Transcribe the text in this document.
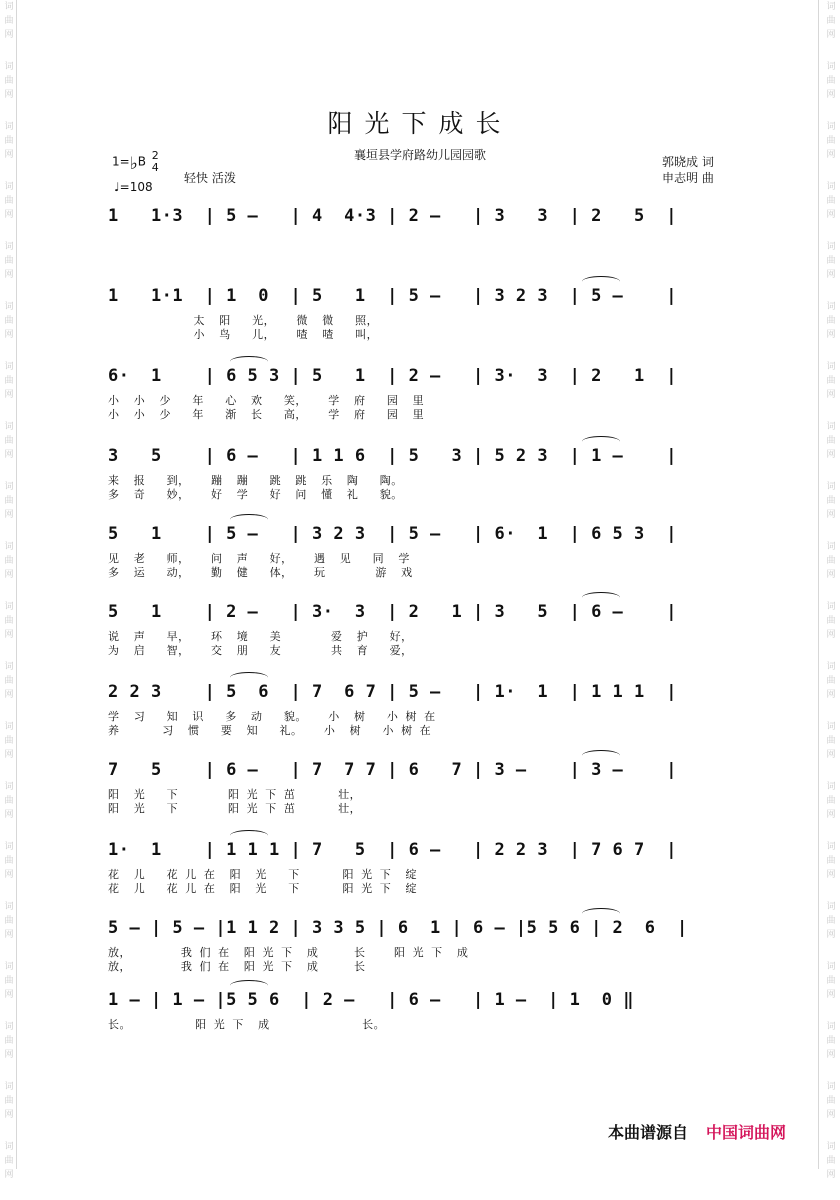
词
曲
网
词
曲
网
词
曲
网
词
曲
网
词
曲
网
词
曲
网
词
曲
网
词
曲
网
词
曲
网
词
曲
网
词
曲
网
词
曲
网
词
曲
网
词
曲
网
词
曲
网
词
曲
网
词
曲
网
词
曲
网
词
曲
网
词
曲
网
词
曲
网
词
曲
网
词
曲
网
词
曲
网
词
曲
网
词
曲
网
词
曲
网
词
曲
网
词
曲
网
词
曲
网
词
曲
网
词
曲
网
词
曲
网
词
曲
网
词
曲
网
词
曲
网
词
曲
网
词
曲
网
词
曲
网
词
曲
网
阳光下成长
襄垣县学府路幼儿园园歌
1=♭B 2
4
♩=108
轻快 活泼
郭晓成 词
申志明 曲
1   1·3  | 5 –   | 4  4·3 | 2 –   | 3   3  | 2   5  |
1   1·1  | 1  0  | 5   1  | 5 –   | 3 2 3  | 5 –    |
太  阳   光，   微  微   照，
小  鸟   儿，   喳  喳   叫，
6·  1    | 6 5 3 | 5   1  | 2 –   | 3·  3  | 2   1  |
小  小  少   年   心  欢   笑，   学  府   园  里
小  小  少   年   渐  长   高，   学  府   园  里
3   5    | 6 –   | 1 1 6  | 5   3 | 5 2 3  | 1 –    |
来  报   到，   蹦  蹦   跳  跳  乐  陶   陶。
多  奇   妙，   好  学   好  问  懂  礼   貌。
5   1    | 5 –   | 3 2 3  | 5 –   | 6·  1  | 6 5 3  |
见  老   师，   问  声   好，   遇  见   同  学
多  运   动，   勤  健   体，   玩       游  戏
5   1    | 2 –   | 3·  3  | 2   1 | 3   5  | 6 –    |
说  声   早，   环  境   美       爱  护   好，
为  启   智，   交  朋   友       共  育   爱，
2 2 3    | 5  6  | 7  6 7 | 5 –   | 1·  1  | 1 1 1  |
学  习   知  识   多  动   貌。   小  树   小 树 在
养      习  惯   要  知   礼。   小  树   小 树 在
7   5    | 6 –   | 7  7 7 | 6   7 | 3 –    | 3 –    |
阳  光   下       阳 光 下 茁      壮，
阳  光   下       阳 光 下 茁      壮，
1·  1    | 1 1 1 | 7   5  | 6 –   | 2 2 3  | 7 6 7  |
花  儿   花 儿 在  阳  光   下      阳 光 下  绽
花  儿   花 儿 在  阳  光   下      阳 光 下  绽
5 – | 5 – |1 1 2 | 3 3 5 | 6  1 | 6 – |5 5 6 | 2  6  |
放，       我 们 在  阳 光 下  成     长    阳 光 下  成
放，       我 们 在  阳 光 下  成     长
1 – | 1 – |5 5 6  | 2 –   | 6 –   | 1 –  | 1  0 ‖
长。         阳 光 下  成             长。
本曲谱源自 中国词曲网
